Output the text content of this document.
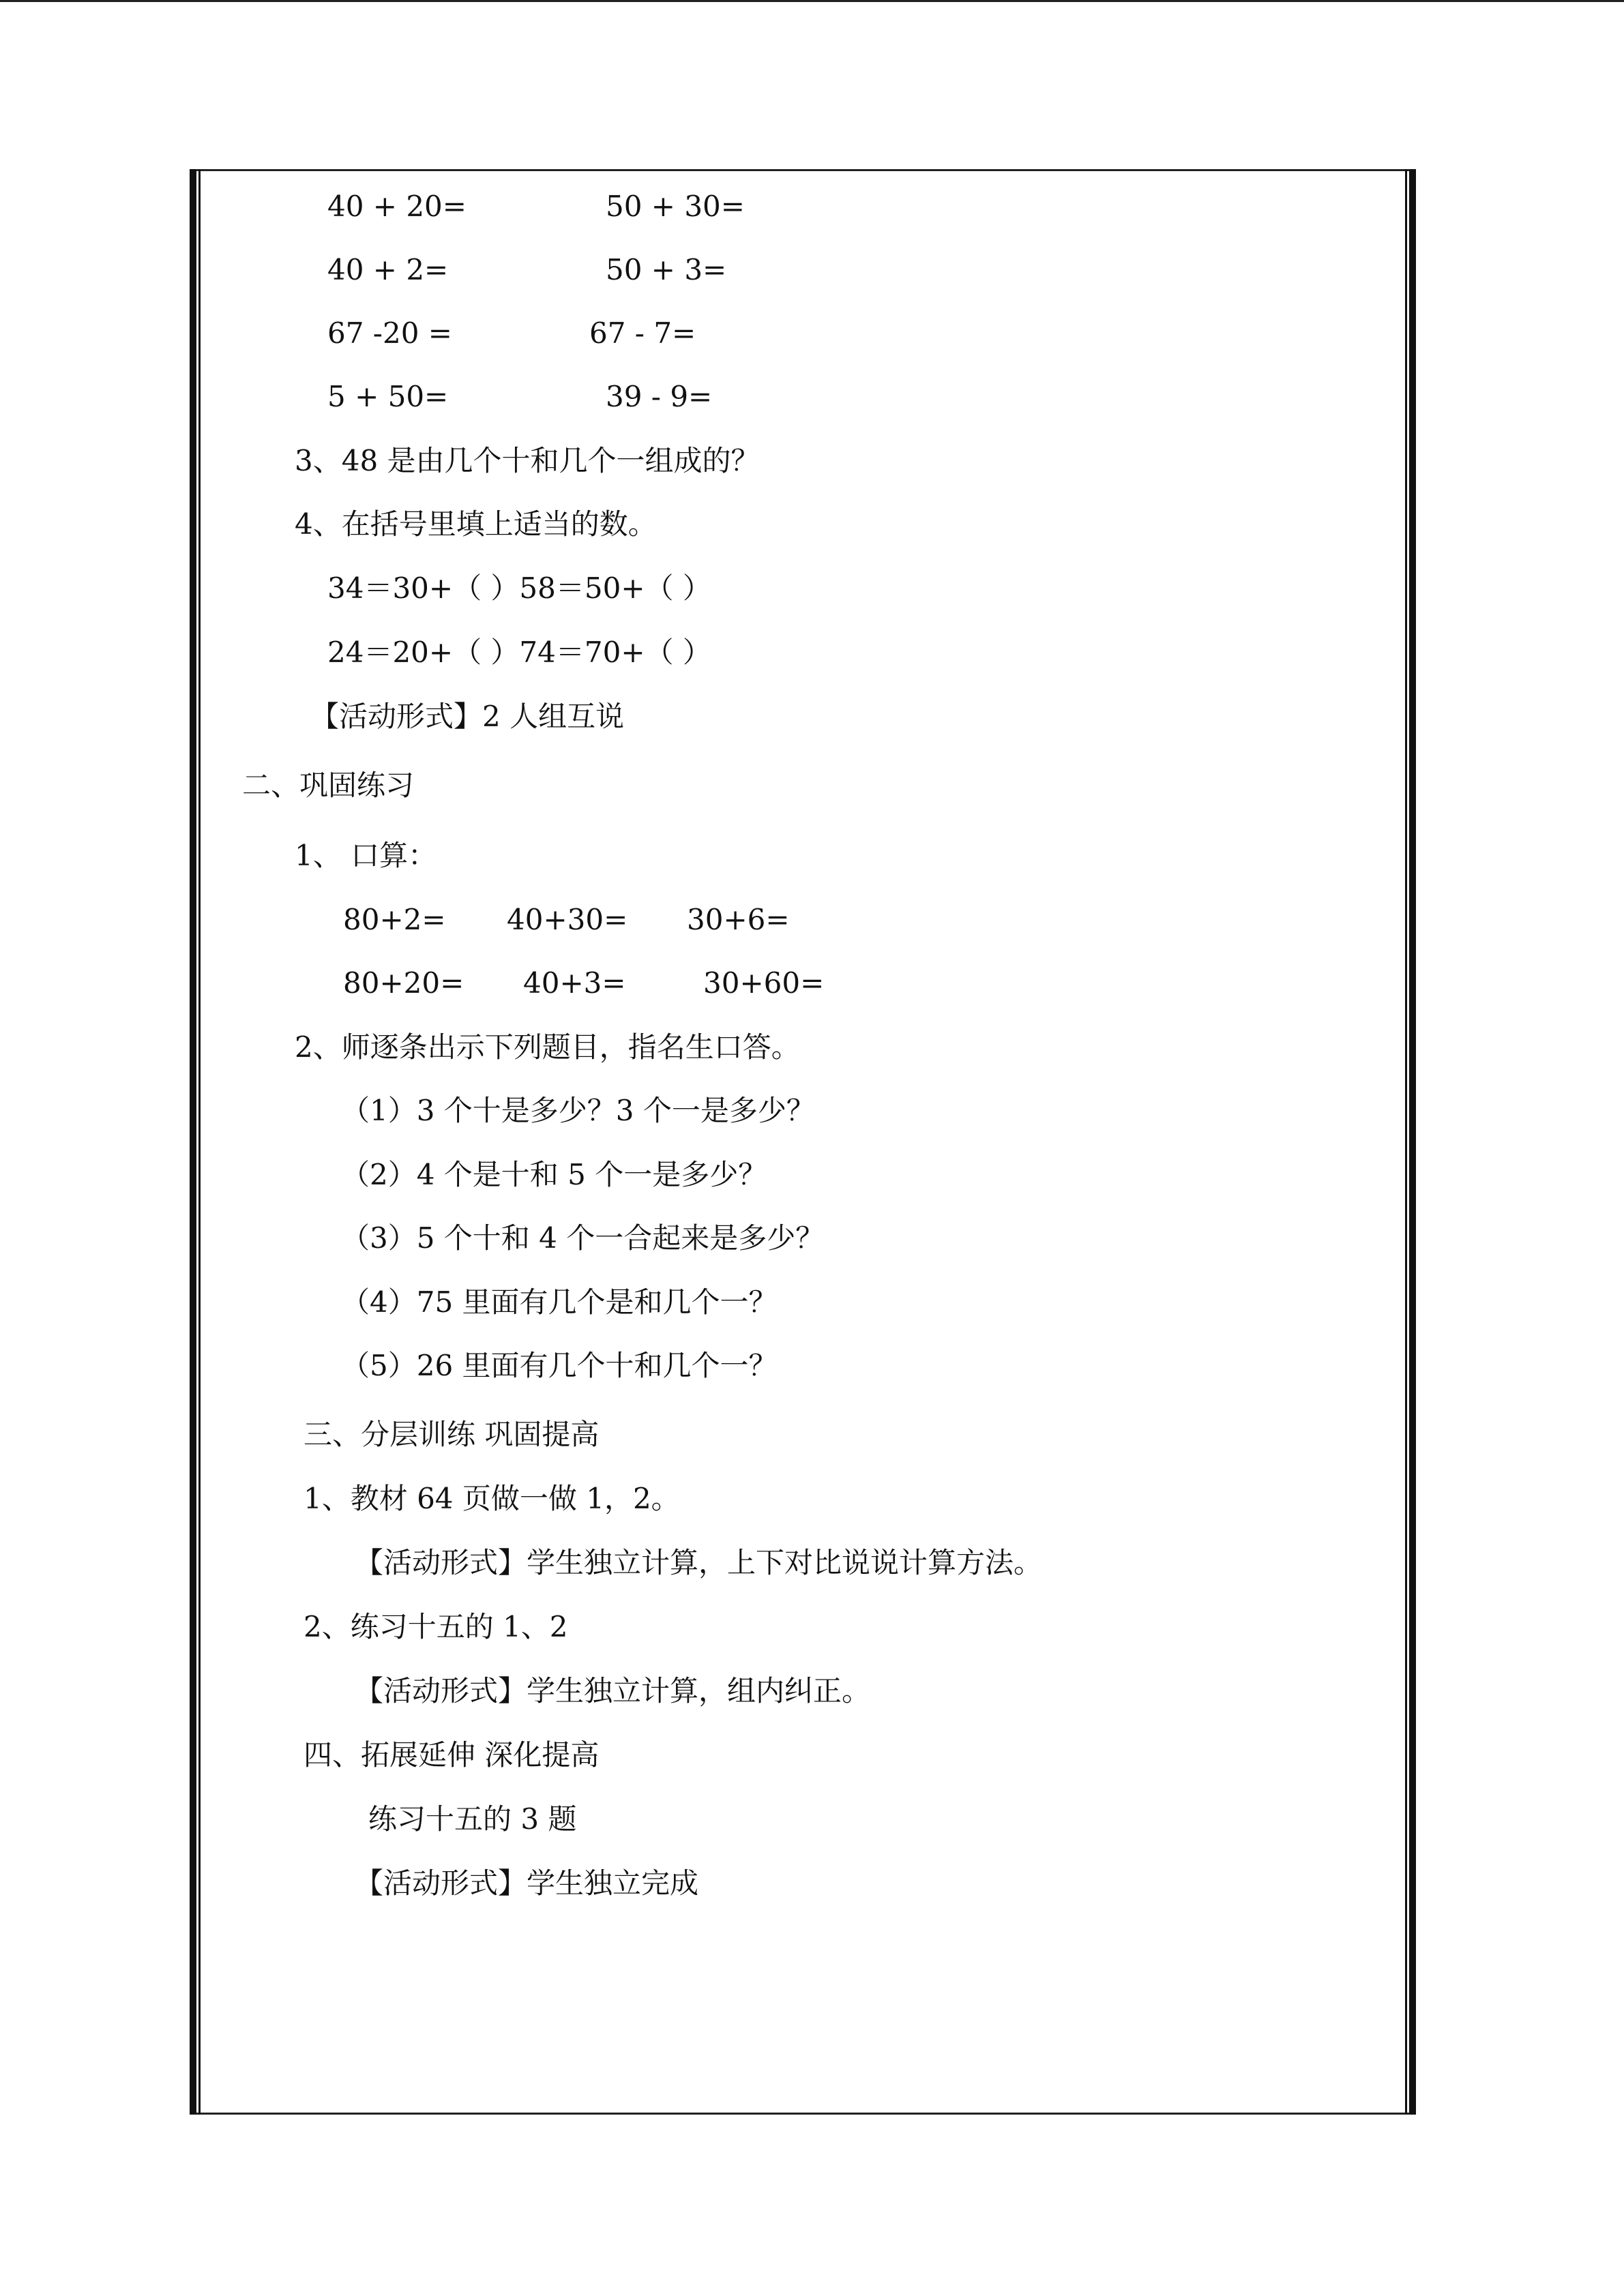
40 + 20=	50 + 30=
40 + 2=	50 + 3=
67 -20 =	67 - 7=
5 + 50=	39 - 9=
3、48 是由几个十和几个一组成的？
4、在括号里填上适当的数。
34＝30+（ ）58＝50+（ ）
24＝20+（ ）74＝70+（ ）
【活动形式】2 人组互说
二、巩固练习
1、 口算：
80+2= 40+30= 30+6=
80+20= 40+3=	30+60=
2、师逐条出示下列题目，指名生口答。
（1）3 个十是多少？3 个一是多少？
（2）4 个是十和 5 个一是多少？
（3）5 个十和 4 个一合起来是多少？
（4）75 里面有几个是和几个一？
（5）26 里面有几个十和几个一？
三、分层训练 巩固提高
1、教材 64 页做一做 1，2。
【活动形式】学生独立计算，上下对比说说计算方法。
2、练习十五的 1、2
【活动形式】学生独立计算，组内纠正。
四、拓展延伸 深化提高
练习十五的 3 题
【活动形式】学生独立完成
